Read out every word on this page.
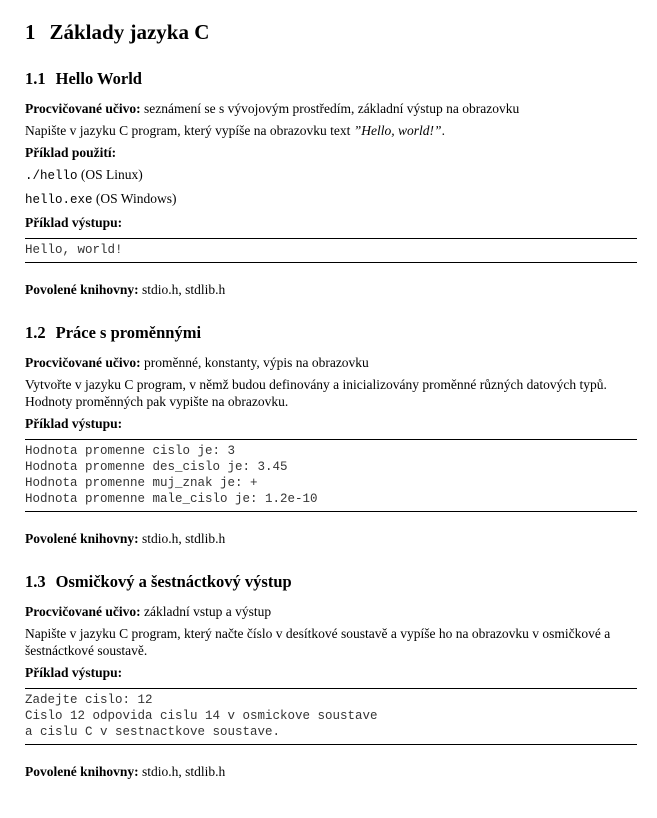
1 Základy jazyka C
1.1 Hello World

Procvičované učivo: seznámení se s vývojovým prostředím, základní výstup na obrazovku

Napište v jazyku C program, který vypíše na obrazovku text ”Hello, world!”.

Příklad použití:

./hello (OS Linux)
hello.exe (OS Windows)

Příklad výstupu:

Hello, world!

Povolené knihovny: stdio.h, stdlib.h

1.2 Práce s proměnnými

Procvičované učivo: proměnné, konstanty, výpis na obrazovku

Vytvořte v jazyku C program, v němž budou definovány a inicializovány proměnné různých datových typů. Hodnoty proměnných pak vypište na obrazovku.

Příklad výstupu:

Hodnota promenne cislo je: 3
Hodnota promenne des_cislo je: 3.45
Hodnota promenne muj_znak je: +
Hodnota promenne male_cislo je: 1.2e-10

Povolené knihovny: stdio.h, stdlib.h

1.3 Osmičkový a šestnáctkový výstup

Procvičované učivo: základní vstup a výstup

Napište v jazyku C program, který načte číslo v desítkové soustavě a vypíše ho na obrazovku v osmičkové a šestnáctkové soustavě.

Příklad výstupu:

Zadejte cislo: 12
Cislo 12 odpovida cislu 14 v osmickove soustave
a cislu C v sestnactkove soustave.

Povolené knihovny: stdio.h, stdlib.h
